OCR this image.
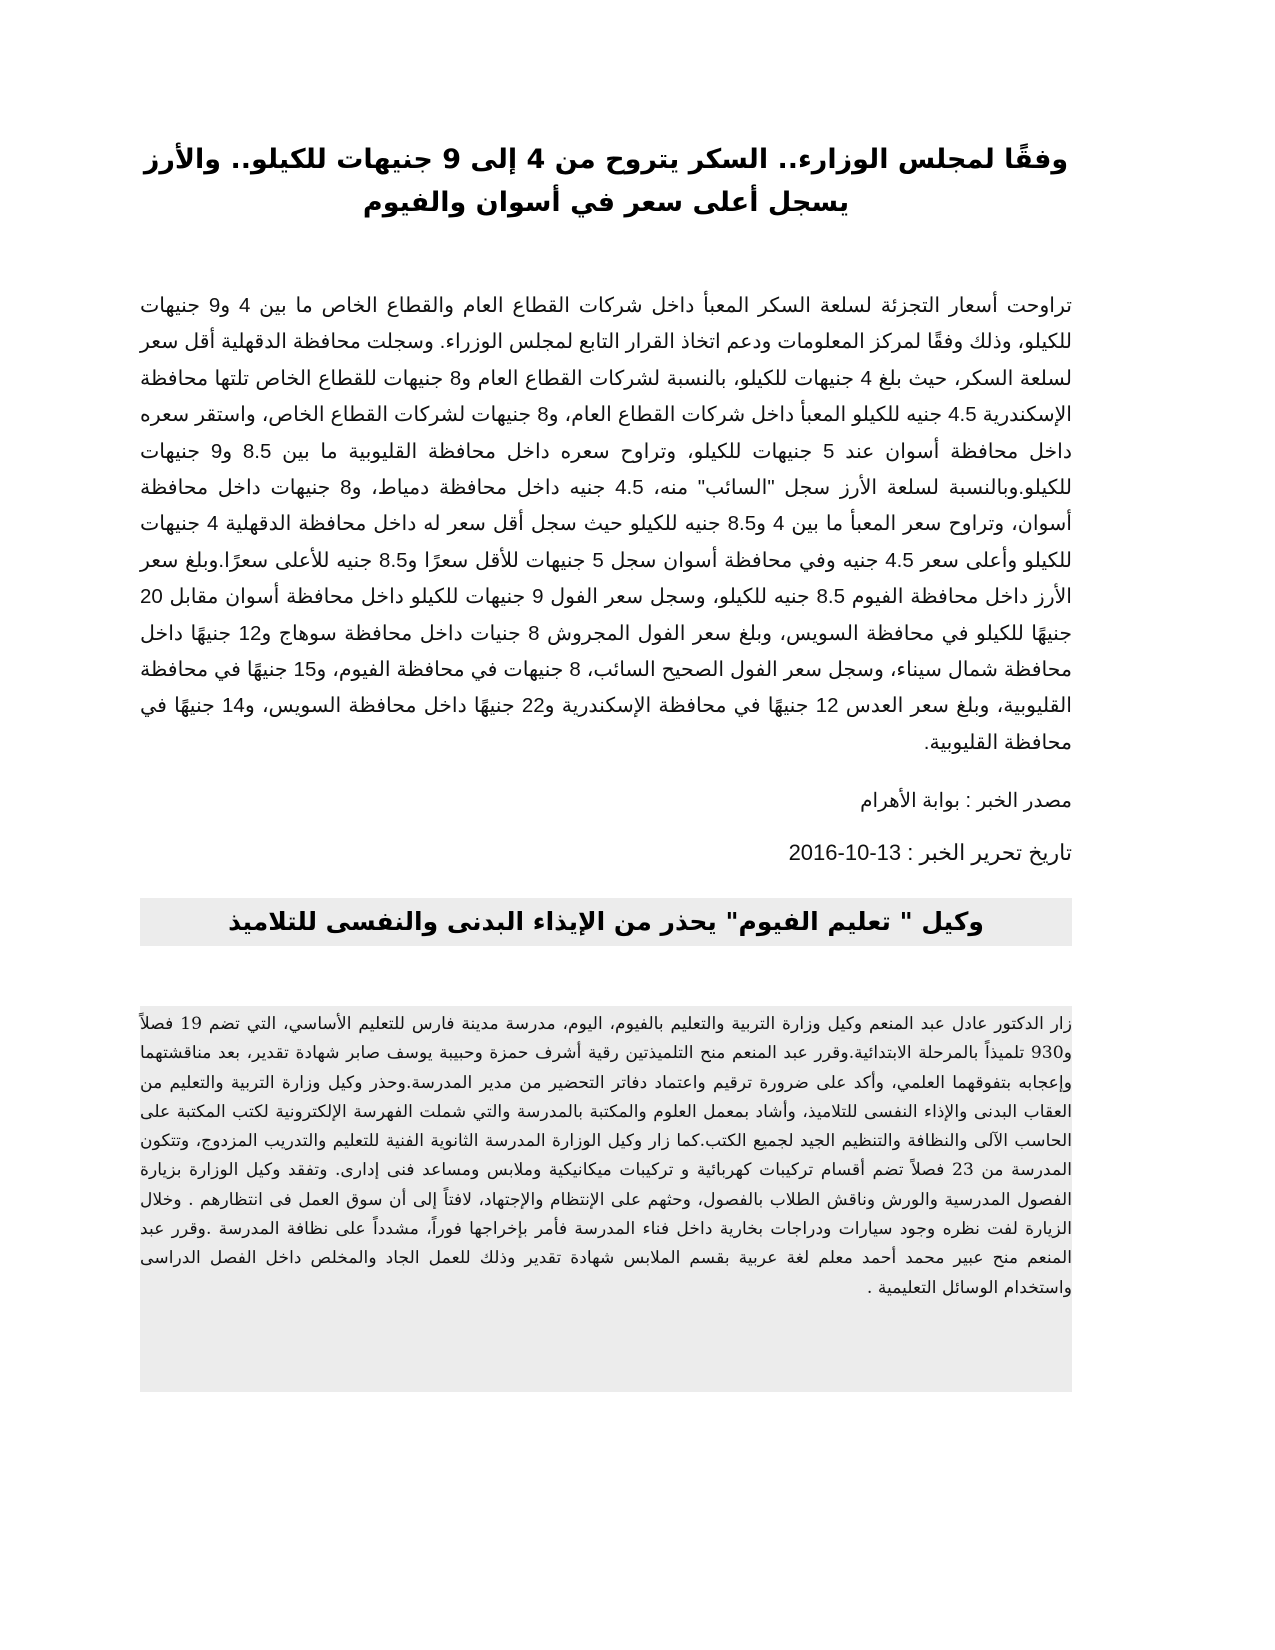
وفقًا لمجلس الوزارء.. السكر يتروح من 4 إلى 9 جنيهات للكيلو.. والأرز يسجل أعلى سعر في أسوان والفيوم

تراوحت أسعار التجزئة لسلعة السكر المعبأ داخل شركات القطاع العام والقطاع الخاص ما بين 4 و9 جنيهات للكيلو، وذلك وفقًا لمركز المعلومات ودعم اتخاذ القرار التابع لمجلس الوزراء. وسجلت محافظة الدقهلية أقل سعر لسلعة السكر، حيث بلغ 4 جنيهات للكيلو، بالنسبة لشركات القطاع العام و8 جنيهات للقطاع الخاص تلتها محافظة الإسكندرية 4.5 جنيه للكيلو المعبأ داخل شركات القطاع العام، و8 جنيهات لشركات القطاع الخاص، واستقر سعره داخل محافظة أسوان عند 5 جنيهات للكيلو، وتراوح سعره داخل محافظة القليوبية ما بين 8.5 و9 جنيهات للكيلو.وبالنسبة لسلعة الأرز سجل "السائب" منه، 4.5 جنيه داخل محافظة دمياط، و8 جنيهات داخل محافظة أسوان، وتراوح سعر المعبأ ما بين 4 و8.5 جنيه للكيلو حيث سجل أقل سعر له داخل محافظة الدقهلية 4 جنيهات للكيلو وأعلى سعر 4.5 جنيه وفي محافظة أسوان سجل 5 جنيهات للأقل سعرًا و8.5 جنيه للأعلى سعرًا.وبلغ سعر الأرز داخل محافظة الفيوم 8.5 جنيه للكيلو، وسجل سعر الفول 9 جنيهات للكيلو داخل محافظة أسوان مقابل 20 جنيهًا للكيلو في محافظة السويس، وبلغ سعر الفول المجروش 8 جنيات داخل محافظة سوهاج و12 جنيهًا داخل محافظة شمال سيناء، وسجل سعر الفول الصحيح السائب، 8 جنيهات في محافظة الفيوم، و15 جنيهًا في محافظة القليوبية، وبلغ سعر العدس 12 جنيهًا في محافظة الإسكندرية و22 جنيهًا داخل محافظة السويس، و14 جنيهًا في محافظة القليوبية.

مصدر الخبر : بوابة الأهرام

تاريخ تحرير الخبر : 13-10-2016

وكيل " تعليم الفيوم" يحذر من الإيذاء البدنى والنفسى للتلاميذ

زار الدكتور عادل عبد المنعم وكيل وزارة التربية والتعليم بالفيوم، اليوم، مدرسة مدينة فارس للتعليم الأساسي، التي تضم 19 فصلاً و930 تلميذاً بالمرحلة الابتدائية.وقرر عبد المنعم منح التلميذتين رقية أشرف حمزة وحبيبة يوسف صابر شهادة تقدير، بعد مناقشتهما وإعجابه بتفوقهما العلمي، وأكد على ضرورة ترقيم واعتماد دفاتر التحضير من مدير المدرسة.وحذر وكيل وزارة التربية والتعليم من العقاب البدنى والإذاء النفسى للتلاميذ، وأشاد بمعمل العلوم والمكتبة بالمدرسة والتي شملت الفهرسة الإلكترونية لكتب المكتبة على الحاسب الآلى والنظافة والتنظيم الجيد لجميع الكتب.كما زار وكيل الوزارة المدرسة الثانوية الفنية للتعليم والتدريب المزدوج، وتتكون المدرسة من 23 فصلاً تضم أقسام تركيبات كهربائية و تركيبات ميكانيكية وملابس ومساعد فنى إدارى. وتفقد وكيل الوزارة بزيارة الفصول المدرسية والورش وناقش الطلاب بالفصول، وحثهم على الإنتظام والإجتهاد، لافتاً إلى أن سوق العمل فى انتظارهم . وخلال الزيارة لفت نظره وجود سيارات ودراجات بخارية داخل فناء المدرسة فأمر بإخراجها فوراً، مشدداً على نظافة المدرسة .وقرر عبد المنعم منح عبير محمد أحمد معلم لغة عربية بقسم الملابس شهادة تقدير وذلك للعمل الجاد والمخلص داخل الفصل الدراسى واستخدام الوسائل التعليمية .
